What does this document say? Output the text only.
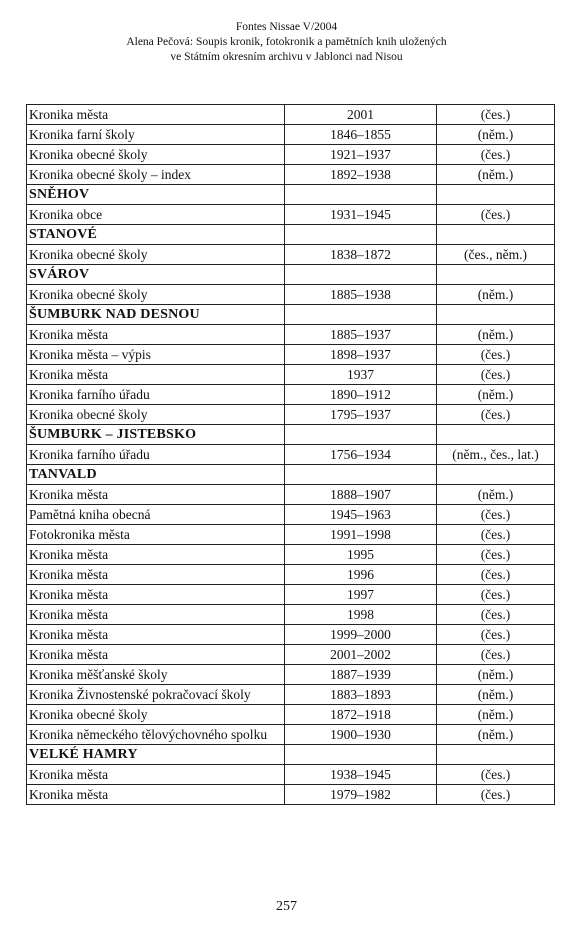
Fontes Nissae V/2004
Alena Pečová: Soupis kronik, fotokronik a pamětních knih uložených
ve Státním okresním archivu v Jablonci nad Nisou
Kronika města	2001	(čes.)
Kronika farní školy	1846–1855	(něm.)
Kronika obecné školy	1921–1937	(čes.)
Kronika obecné školy – index	1892–1938	(něm.)
SNĚHOV		
Kronika obce	1931–1945	(čes.)
STANOVÉ		
Kronika obecné školy	1838–1872	(čes., něm.)
SVÁROV		
Kronika obecné školy	1885–1938	(něm.)
ŠUMBURK NAD DESNOU		
Kronika města	1885–1937	(něm.)
Kronika města – výpis	1898–1937	(čes.)
Kronika města	1937	(čes.)
Kronika farního úřadu	1890–1912	(něm.)
Kronika obecné školy	1795–1937	(čes.)
ŠUMBURK – JISTEBSKO		
Kronika farního úřadu	1756–1934	(něm., čes., lat.)
TANVALD		
Kronika města	1888–1907	(něm.)
Pamětná kniha obecná	1945–1963	(čes.)
Fotokronika města	1991–1998	(čes.)
Kronika města	1995	(čes.)
Kronika města	1996	(čes.)
Kronika města	1997	(čes.)
Kronika města	1998	(čes.)
Kronika města	1999–2000	(čes.)
Kronika města	2001–2002	(čes.)
Kronika měšťanské školy	1887–1939	(něm.)
Kronika Živnostenské pokračovací školy	1883–1893	(něm.)
Kronika obecné školy	1872–1918	(něm.)
Kronika německého tělovýchovného spolku	1900–1930	(něm.)
VELKÉ HAMRY		
Kronika města	1938–1945	(čes.)
Kronika města	1979–1982	(čes.)
257
